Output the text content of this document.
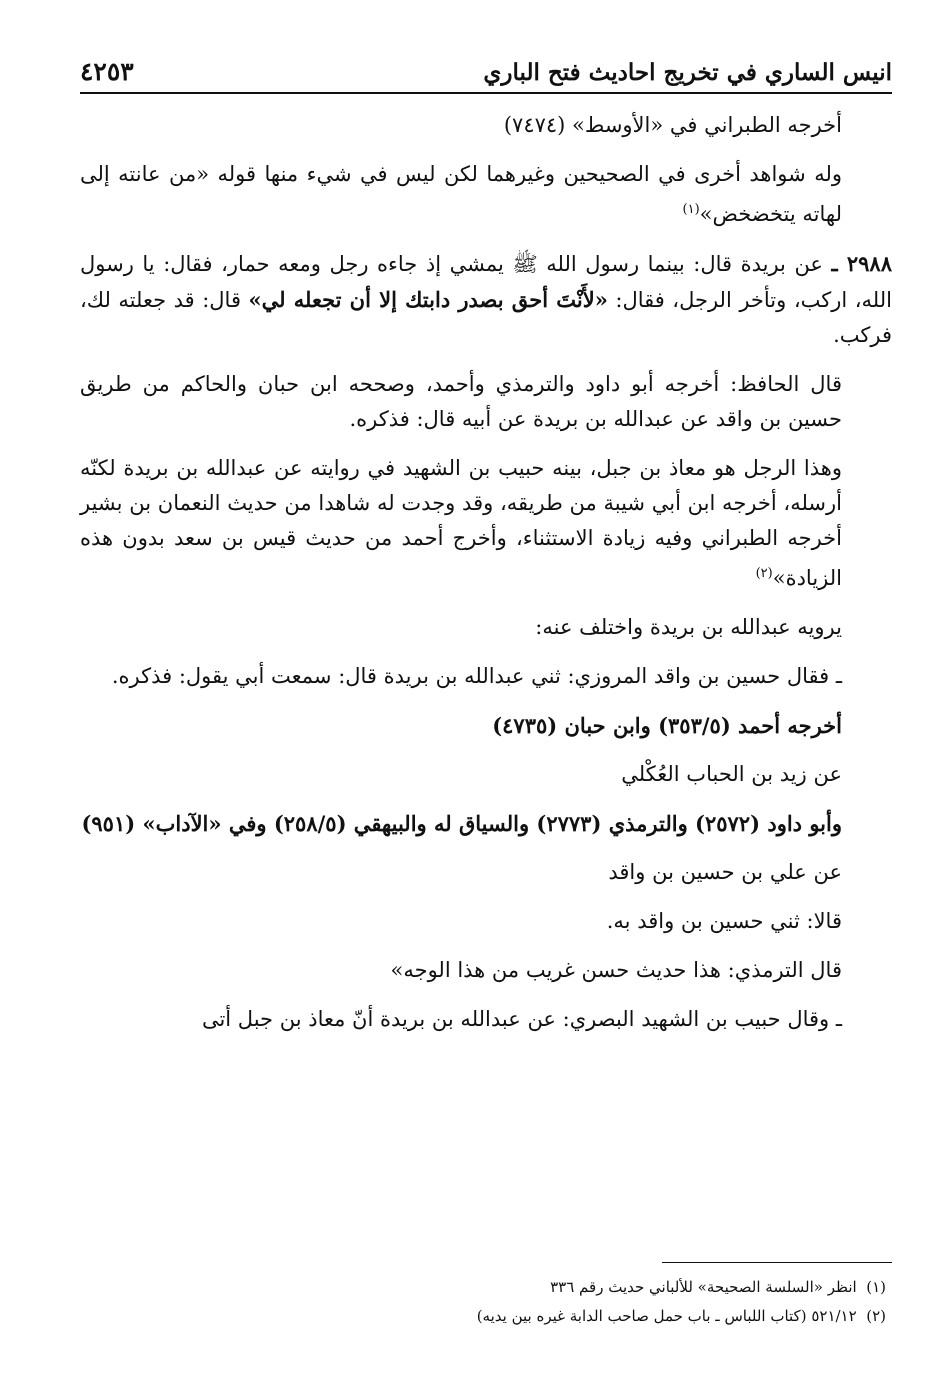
انيس الساري في تخريج احاديث فتح الباري
٤٢٥٣

أخرجه الطبراني في «الأوسط» (٧٤٧٤)

وله شواهد أخرى في الصحيحين وغيرهما لكن ليس في شيء منها قوله «من عانته إلى لهاته يتخضخض»$^{(١)}$

٢٩٨٨ ـ عن بريدة قال: بينما رسول الله ﷺ يمشي إذ جاءه رجل ومعه حمار، فقال: يا رسول الله، اركب، وتأخر الرجل، فقال: «لأَنْتَ أحق بصدر دابتك إلا أن تجعله لي» قال: قد جعلته لك، فركب.

قال الحافظ: أخرجه أبو داود والترمذي وأحمد، وصححه ابن حبان والحاكم من طريق حسين بن واقد عن عبدالله بن بريدة عن أبيه قال: فذكره.

وهذا الرجل هو معاذ بن جبل، بينه حبيب بن الشهيد في روايته عن عبدالله بن بريدة لكنّه أرسله، أخرجه ابن أبي شيبة من طريقه، وقد وجدت له شاهدا من حديث النعمان بن بشير أخرجه الطبراني وفيه زيادة الاستثناء، وأخرج أحمد من حديث قيس بن سعد بدون هذه الزيادة»$^{(٢)}$

يرويه عبدالله بن بريدة واختلف عنه:

ـ فقال حسين بن واقد المروزي: ثني عبدالله بن بريدة قال: سمعت أبي يقول: فذكره.

أخرجه أحمد (٣٥٣/٥) وابن حبان (٤٧٣٥)

عن زيد بن الحباب العُكْلي

وأبو داود (٢٥٧٢) والترمذي (٢٧٧٣) والسياق له والبيهقي (٢٥٨/٥) وفي «الآداب» (٩٥١)

عن علي بن حسين بن واقد

قالا: ثني حسين بن واقد به.

قال الترمذي: هذا حديث حسن غريب من هذا الوجه»

ـ وقال حبيب بن الشهيد البصري: عن عبدالله بن بريدة أنّ معاذ بن جبل أتى

(١)  انظر «السلسة الصحيحة» للألباني حديث رقم ٣٣٦

(٢)  ٥٢١/١٢ (كتاب اللباس ـ باب حمل صاحب الدابة غيره بين يديه)
